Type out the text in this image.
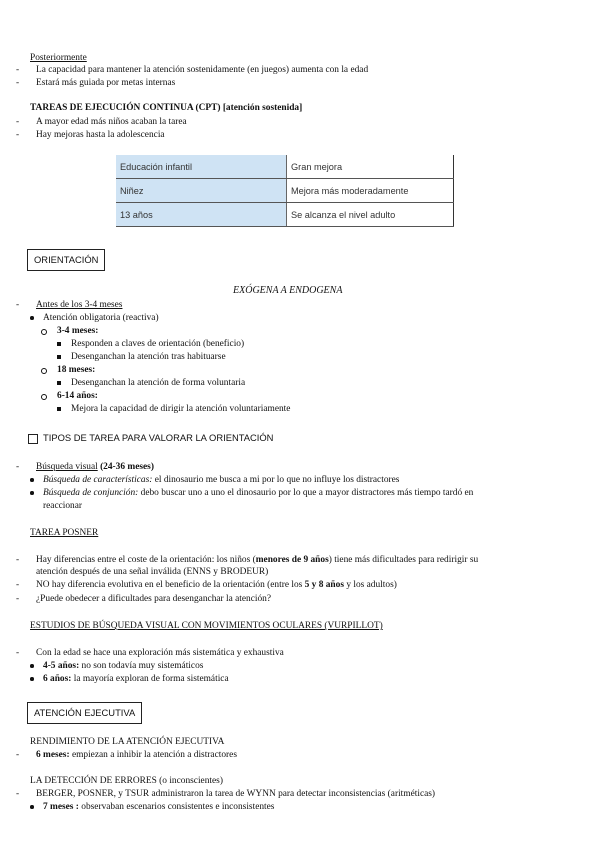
Posteriormente
- La capacidad para mantener la atención sostenidamente (en juegos) aumenta con la edad
- Estará más guiada por metas internas
TAREAS DE EJECUCIÓN CONTINUA (CPT) [atención sostenida]
- A mayor edad más niños acaban la tarea
- Hay mejoras hasta la adolescencia
Educación infantil	Gran mejora
Niñez	Mejora más moderadamente
13 años	Se alcanza el nivel adulto
ORIENTACIÓN
EXÓGENA A ENDOGENA
- Antes de los 3-4 meses
Atención obligatoria (reactiva)
3-4 meses:
Responden a claves de orientación (beneficio)
Desenganchan la atención tras habituarse
18 meses:
Desenganchan la atención de forma voluntaria
6-14 años:
Mejora la capacidad de dirigir la atención voluntariamente
TIPOS DE TAREA PARA VALORAR LA ORIENTACIÓN
- Búsqueda visual (24-36 meses)
Búsqueda de características: el dinosaurio me busca a mi por lo que no influye los distractores
Búsqueda de conjunción: debo buscar uno a uno el dinosaurio por lo que a mayor distractores más tiempo tardó en
reaccionar
TAREA POSNER
- Hay diferencias entre el coste de la orientación: los niños (menores de 9 años) tiene más dificultades para redirigir su
atención después de una señal inválida (ENNS y BRODEUR)
- NO hay diferencia evolutiva en el beneficio de la orientación (entre los 5 y 8 años y los adultos)
- ¿Puede obedecer a dificultades para desenganchar la atención?
ESTUDIOS DE BÚSQUEDA VISUAL CON MOVIMIENTOS OCULARES (VURPILLOT)
- Con la edad se hace una exploración más sistemática y exhaustiva
4-5 años: no son todavía muy sistemáticos
6 años: la mayoría exploran de forma sistemática
ATENCIÓN EJECUTIVA
RENDIMIENTO DE LA ATENCIÓN EJECUTIVA
- 6 meses: empiezan a inhibir la atención a distractores
LA DETECCIÓN DE ERRORES (o inconscientes)
- BERGER, POSNER, y TSUR administraron la tarea de WYNN para detectar inconsistencias (aritméticas)
7 meses : observaban escenarios consistentes e inconsistentes
